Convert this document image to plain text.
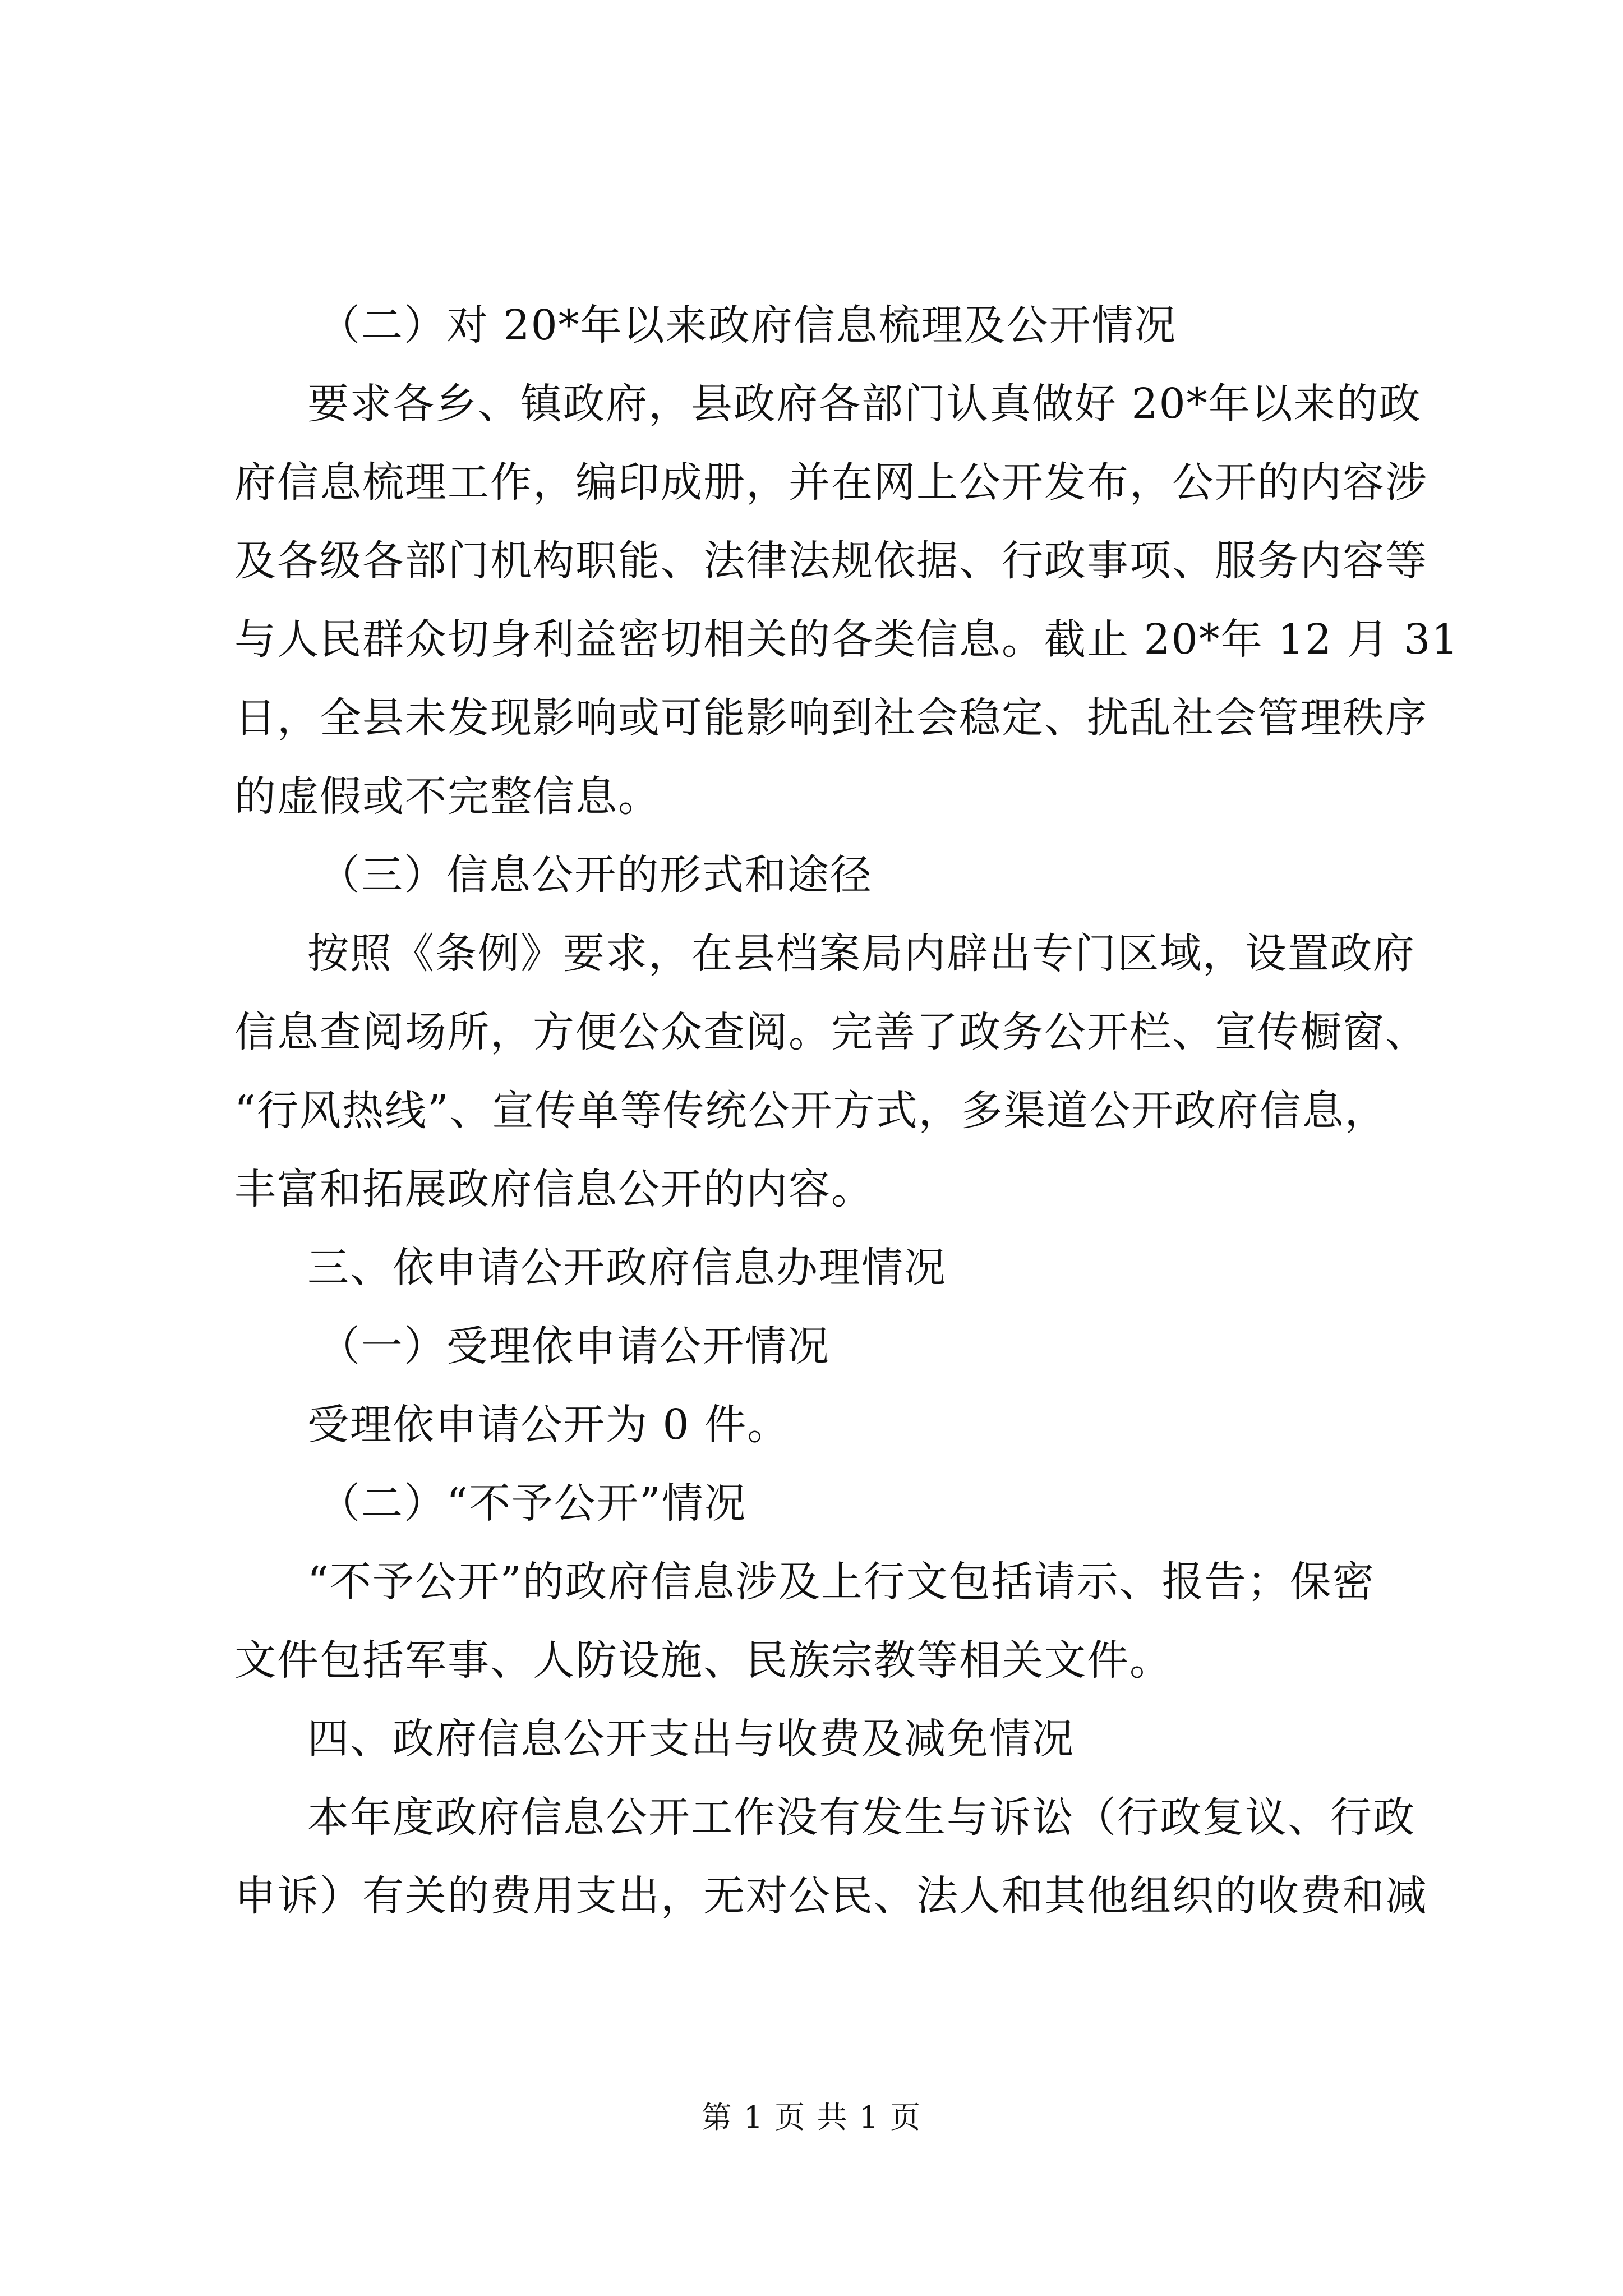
（二）对 20*年以来政府信息梳理及公开情况
要求各乡、镇政府，县政府各部门认真做好 20*年以来的政
府信息梳理工作，编印成册，并在网上公开发布，公开的内容涉
及各级各部门机构职能、法律法规依据、行政事项、服务内容等
与人民群众切身利益密切相关的各类信息。截止 20*年 12 月 31
日，全县未发现影响或可能影响到社会稳定、扰乱社会管理秩序
的虚假或不完整信息。
（三）信息公开的形式和途径
按照《条例》要求，在县档案局内辟出专门区域，设置政府
信息查阅场所，方便公众查阅。完善了政务公开栏、宣传橱窗、
“行风热线”、宣传单等传统公开方式，多渠道公开政府信息，
丰富和拓展政府信息公开的内容。
三、依申请公开政府信息办理情况
（一）受理依申请公开情况
受理依申请公开为 0 件。
（二）“不予公开”情况
“不予公开”的政府信息涉及上行文包括请示、报告；保密
文件包括军事、人防设施、民族宗教等相关文件。
四、政府信息公开支出与收费及减免情况
本年度政府信息公开工作没有发生与诉讼（行政复议、行政
申诉）有关的费用支出，无对公民、法人和其他组织的收费和减
第 1 页 共 1 页
